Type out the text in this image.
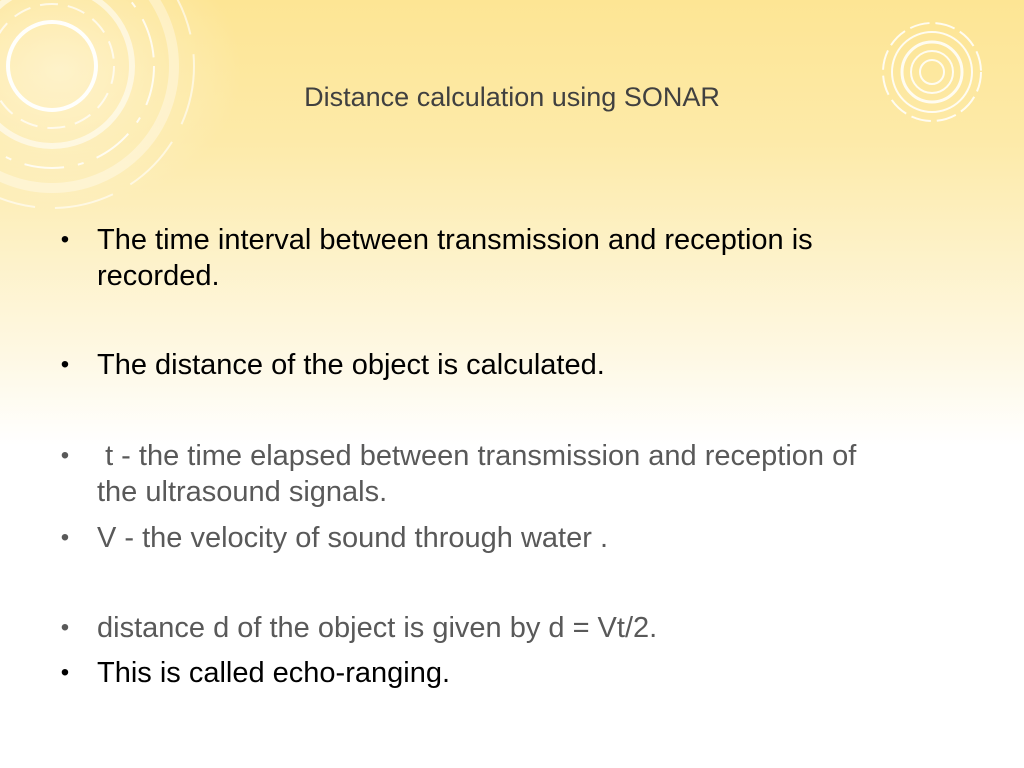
Distance calculation using SONAR
• The time interval between transmission and reception is recorded.
• The distance of the object is calculated.
• t - the time elapsed between transmission and reception of the ultrasound signals.
• V - the velocity of sound through water .
• distance d of the object is given by d = Vt/2.
• This is called echo-ranging.
